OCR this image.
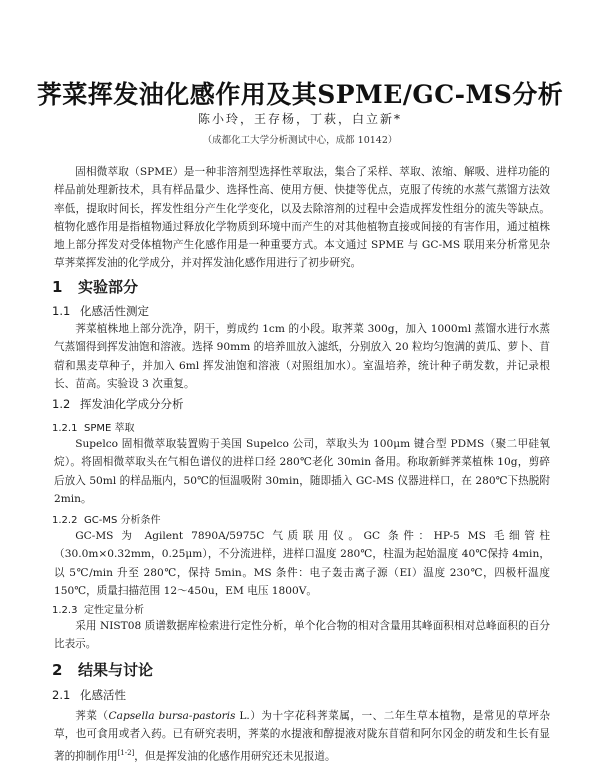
荠菜挥发油化感作用及其SPME/GC-MS分析
陈小玲，王存杨，丁萩，白立新*
（成都化工大学分析测试中心，成都 10142）

固相微萃取（SPME）是一种非溶剂型选择性萃取法，集合了采样、萃取、浓缩、解吸、进样功能的样品前处理新技术，具有样品量少、选择性高、使用方便、快捷等优点，克服了传统的水蒸气蒸馏方法效率低，提取时间长，挥发性组分产生化学变化，以及去除溶剂的过程中会造成挥发性组分的流失等缺点。植物化感作用是指植物通过释放化学物质到环境中而产生的对其他植物直接或间接的有害作用，通过植株地上部分挥发对受体植物产生化感作用是一种重要方式。本文通过 SPME 与 GC-MS 联用来分析常见杂草荠菜挥发油的化学成分，并对挥发油化感作用进行了初步研究。

1 实验部分
1.1 化感活性测定

荠菜植株地上部分洗净，阴干，剪成约 1cm 的小段。取荠菜 300g，加入 1000ml 蒸馏水进行水蒸气蒸馏得到挥发油饱和溶液。选择 90mm 的培养皿放入滤纸，分别放入 20 粒均匀饱满的黄瓜、萝卜、苜蓿和黑麦草种子，并加入 6ml 挥发油饱和溶液（对照组加水）。室温培养，统计种子萌发数，并记录根长、苗高。实验设 3 次重复。

1.2 挥发油化学成分分析
1.2.1 SPME 萃取

Supelco 固相微萃取装置购于美国 Supelco 公司，萃取头为 100μm 键合型 PDMS（聚二甲硅氧烷）。将固相微萃取头在气相色谱仪的进样口经 280℃老化 30min 备用。称取新鲜荠菜植株 10g，剪碎后放入 50ml 的样品瓶内，50℃的恒温吸附 30min，随即插入 GC-MS 仪器进样口，在 280℃下热脱附 2min。

1.2.2 GC-MS 分析条件

GC-MS 为 Agilent 7890A/5975C 气质联用仪。GC 条件：HP-5 MS 毛细管柱（30.0m×0.32mm，0.25μm），不分流进样，进样口温度 280℃，柱温为起始温度 40℃保持 4min，以 5℃/min 升至 280℃，保持 5min。MS 条件：电子轰击离子源（EI）温度 230℃，四极杆温度 150℃，质量扫描范围 12～450u，EM 电压 1800V。

1.2.3 定性定量分析

采用 NIST08 质谱数据库检索进行定性分析，单个化合物的相对含量用其峰面积相对总峰面积的百分比表示。

2 结果与讨论
2.1 化感活性

荠菜（Capsella bursa-pastoris L.）为十字花科荠菜属，一、二年生草本植物，是常见的草坪杂草，也可食用或者入药。已有研究表明，荠菜的水提液和醇提液对陇东苜蓿和阿尔冈金的萌发和生长有显著的抑制作用[1-2]，但是挥发油的化感作用研究还未见报道。
